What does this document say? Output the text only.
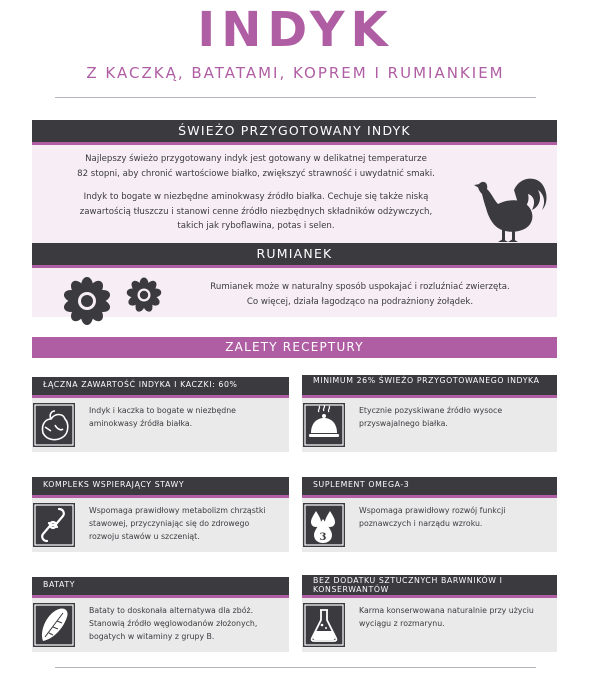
INDYK
Z KACZKĄ, BATATAMI, KOPREM I RUMIANKIEM
ŚWIEŻO PRZYGOTOWANY INDYK
Najlepszy świeżo przygotowany indyk jest gotowany w delikatnej temperaturze
82 stopni, aby chronić wartościowe białko, zwiększyć strawność i uwydatnić smaki.
Indyk to bogate w niezbędne aminokwasy źródło białka. Cechuje się także niską
zawartością tłuszczu i stanowi cenne źródło niezbędnych składników odżywczych,
takich jak ryboflawina, potas i selen.
RUMIANEK
Rumianek może w naturalny sposób uspokajać i rozluźniać zwierzęta.
Co więcej, działa łagodząco na podrażniony żołądek.
ZALETY RECEPTURY
ŁĄCZNA ZAWARTOŚĆ INDYKA I KACZKI: 60%
Indyk i kaczka to bogate w niezbędne aminokwasy źródła białka.
MINIMUM 26% ŚWIEŻO PRZYGOTOWANEGO INDYKA
Etycznie pozyskiwane źródło wysoce przyswajalnego białka.
KOMPLEKS WSPIERAJĄCY STAWY
Wspomaga prawidłowy metabolizm chrząstki stawowej, przyczyniając się do zdrowego rozwoju stawów u szczeniąt.
SUPLEMENT OMEGA-3
3
Wspomaga prawidłowy rozwój funkcji poznawczych i narządu wzroku.
BATATY
Bataty to doskonała alternatywa dla zbóż. Stanowią źródło węglowodanów złożonych, bogatych w witaminy z grupy B.
BEZ DODATKU SZTUCZNYCH BARWNIKÓW I KONSERWANTÓW
Karma konserwowana naturalnie przy użyciu wyciągu z rozmarynu.
